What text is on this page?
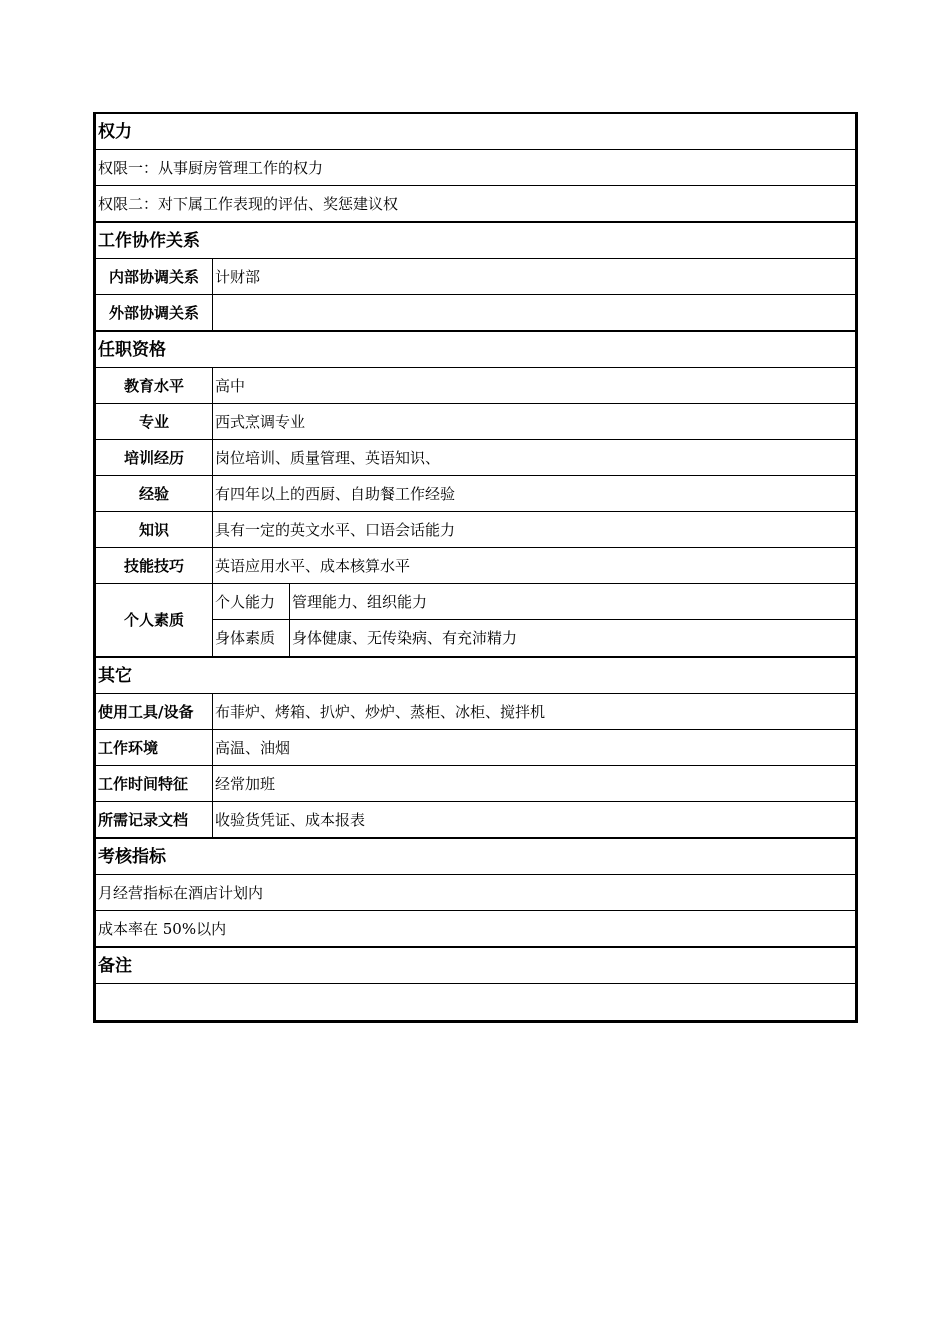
权力		
权限一：从事厨房管理工作的权力		
权限二：对下属工作表现的评估、奖惩建议权		
工作协作关系		
内部协调关系	计财部	
外部协调关系		
任职资格		
教育水平	高中	
专业	西式烹调专业	
培训经历	岗位培训、质量管理、英语知识、	
经验	有四年以上的西厨、自助餐工作经验	
知识	具有一定的英文水平、口语会话能力	
技能技巧	英语应用水平、成本核算水平	
个人素质	个人能力	管理能力、组织能力
	身体素质	身体健康、无传染病、有充沛精力
其它		
使用工具/设备	布菲炉、烤箱、扒炉、炒炉、蒸柜、冰柜、搅拌机	
工作环境	高温、油烟	
工作时间特征	经常加班	
所需记录文档	收验货凭证、成本报表	
考核指标		
月经营指标在酒店计划内		
成本率在 50%以内		
备注		
